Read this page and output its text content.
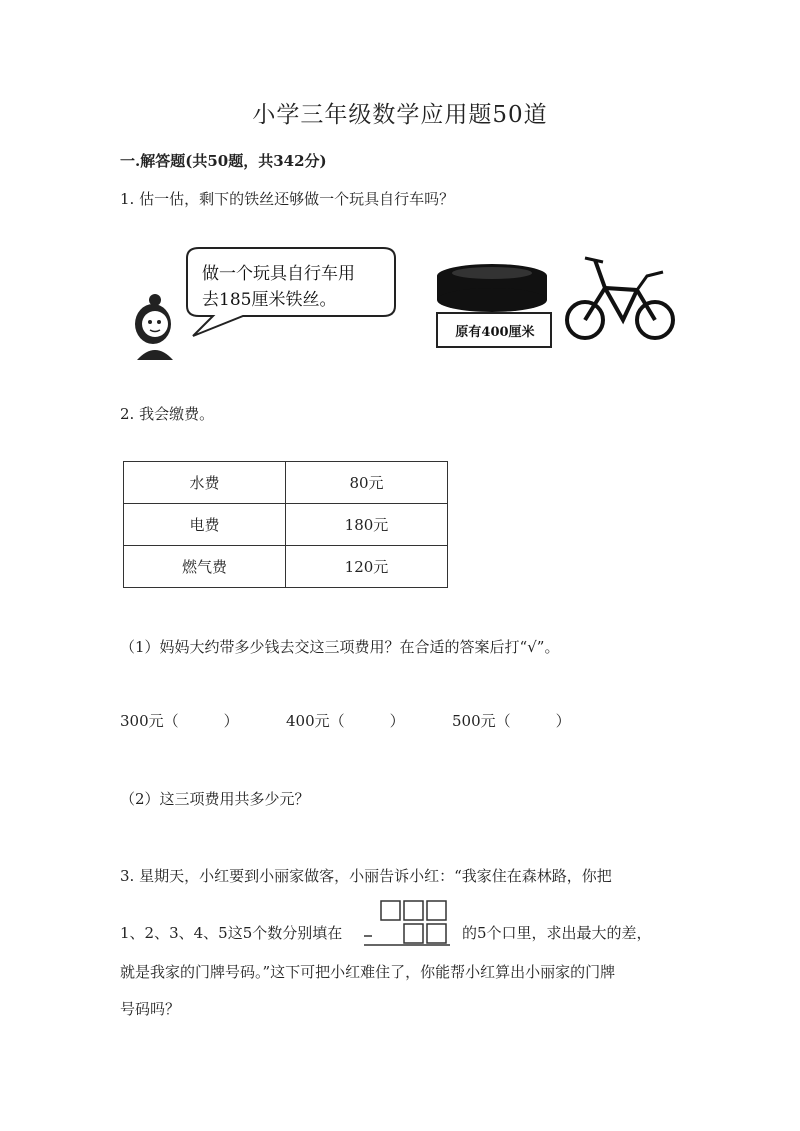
小学三年级数学应用题50道
一.解答题(共50题，共342分)
1. 估一估，剩下的铁丝还够做一个玩具自行车吗？
做一个玩具自行车用
去185厘米铁丝。
原有400厘米
2. 我会缴费。
水费	80元
电费	180元
燃气费	120元
（1）妈妈大约带多少钱去交这三项费用？在合适的答案后打“√”。
300元（　　　）	400元（　　　）	500元（　　　）
（2）这三项费用共多少元？
3. 星期天，小红要到小丽家做客，小丽告诉小红：“我家住在森林路，你把
1、2、3、4、5这5个数分别填在	的5个口里，求出最大的差，
就是我家的门牌号码。”这下可把小红难住了，你能帮小红算出小丽家的门牌
号码吗？
